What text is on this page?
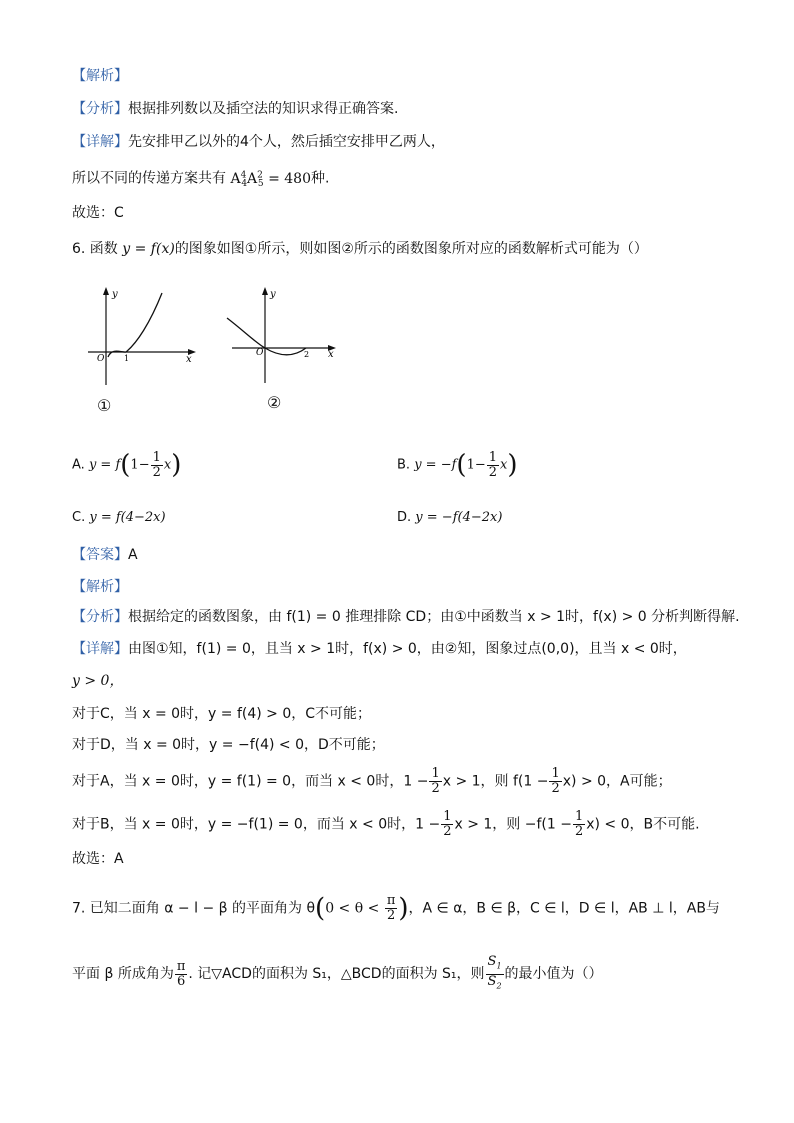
【解析】
【分析】根据排列数以及插空法的知识求得正确答案.
【详解】先安排甲乙以外的4个人，然后插空安排甲乙两人，
所以不同的传递方案共有 $A^4_4A^2_5 = 480$种.
故选：C
6. 函数 y = f(x)的图象如图①所示，则如图②所示的函数图象所对应的函数解析式可能为（）
y
x
O 1
①
y
x
O	2
②
A. $y = f(1- \frac{1}{2} x)$	B. $y = -f(1- \frac{1}{2} x)$
C. y = f(4−2x)	D. y = −f(4−2x)
【答案】A
【解析】
【分析】根据给定的函数图象，由 f(1) = 0 推理排除 CD；由①中函数当 x > 1时，f(x) > 0 分析判断得解.
【详解】由图①知，f(1) = 0，且当 x > 1时，f(x) > 0，由②知，图象过点(0,0)，且当 x < 0时，
y > 0，
对于C，当 x = 0时，y = f(4) > 0，C不可能；
对于D，当 x = 0时，y = −f(4) < 0，D不可能；
对于A，当 x = 0时，y = f(1) = 0，而当 x < 0时，$1 - \frac{1}{2}$ x > 1，则 $f(1 - \frac{1}{2} x) > 0$，A可能；
对于B，当 x = 0时，y = −f(1) = 0，而当 x < 0时，$1 - \frac{1}{2}$ x > 1，则 $-f(1 - \frac{1}{2} x) < 0$，B不可能.
故选：A
7. 已知二面角 α − l − β 的平面角为 $\theta(0 < \theta < \frac{\pi}{2}$ )，A ∈ α，B ∈ β，C ∈ l，D ∈ l，AB ⊥ l，AB与
平面 β 所成角为 $\frac{\pi}{6}$ . 记▽ACD的面积为 S₁，△BCD的面积为 S₁，则 $\frac{S_1}{S_2}$ 的最小值为（）
